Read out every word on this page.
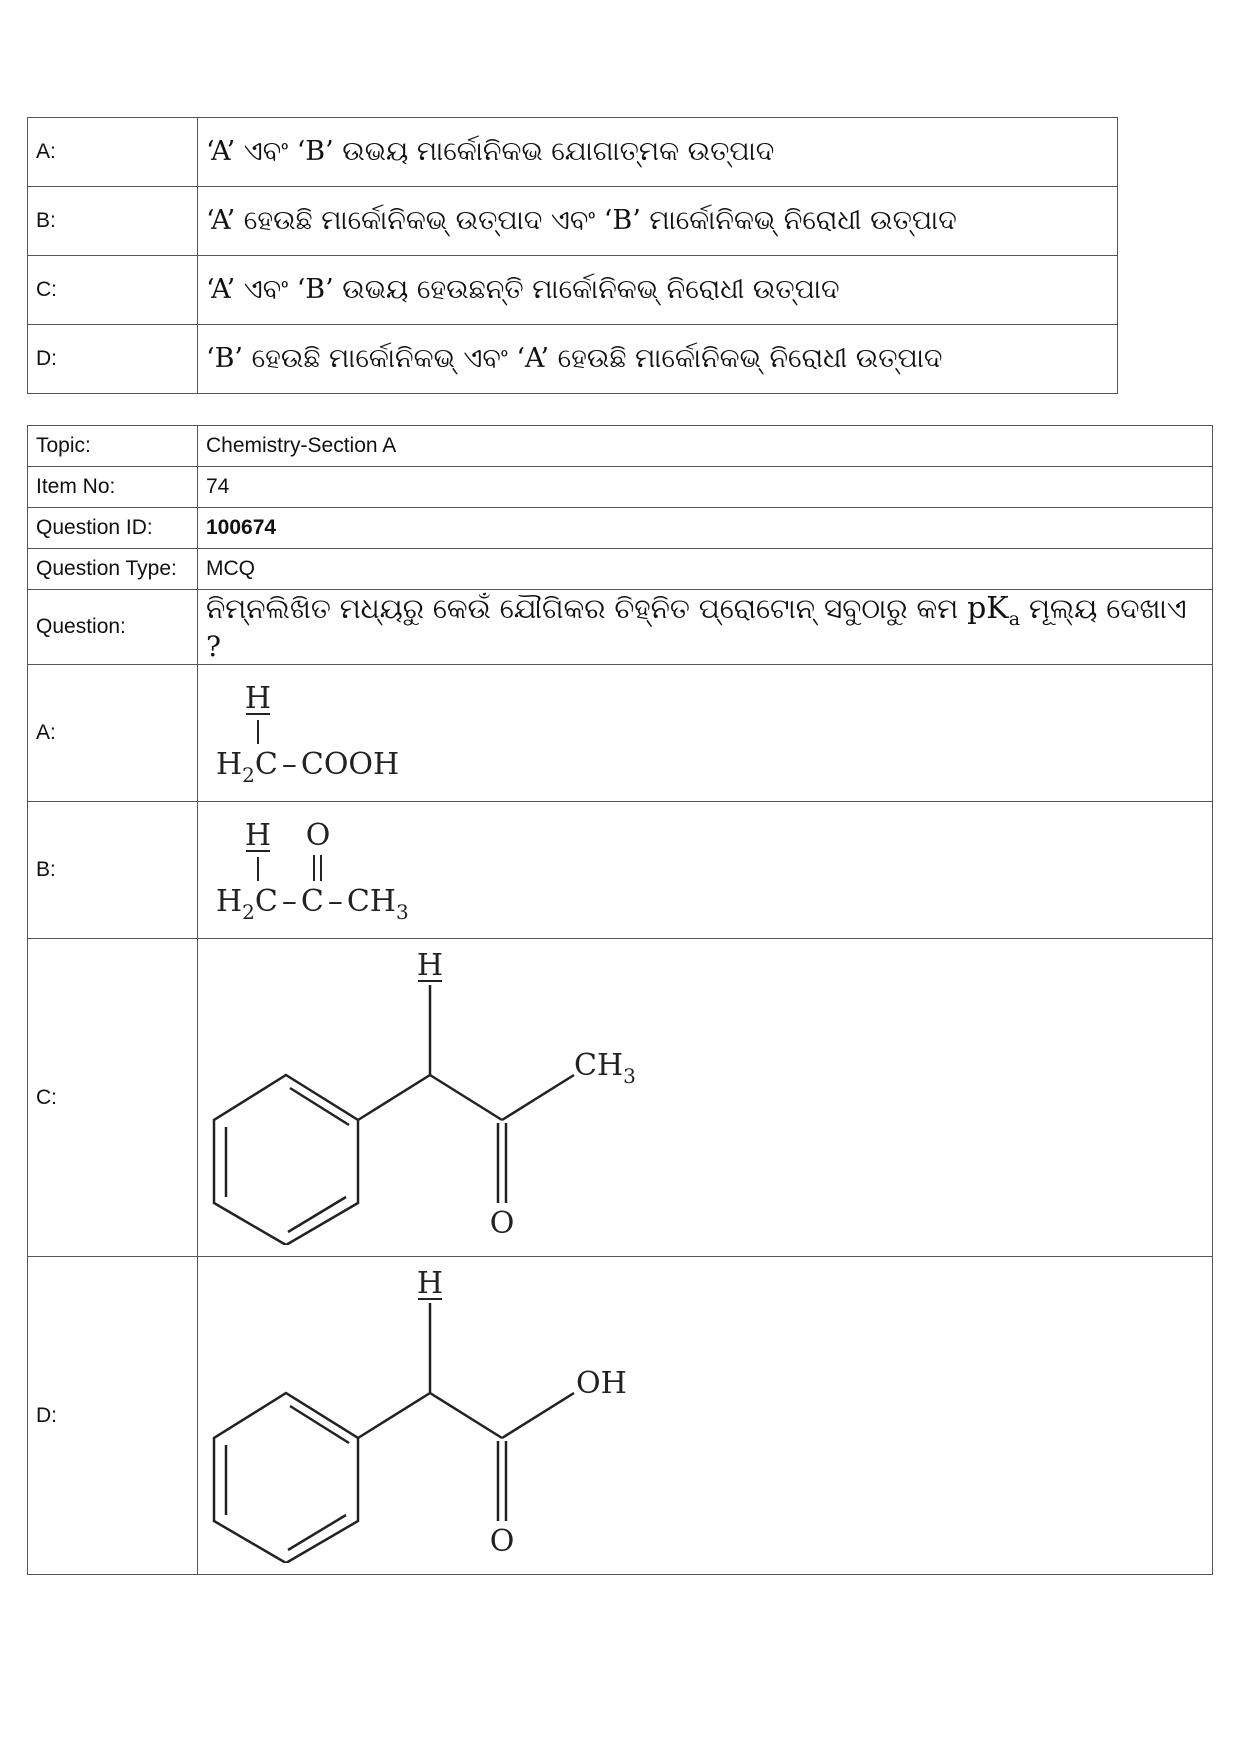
A:	‘A’ ଏବଂ ‘B’ ଉଭୟ ମାର୍କୋନିକଭ ଯୋଗାତ୍ମକ ଉତ୍ପାଦ
B:	‘A’ ହେଉଛି ମାର୍କୋନିକଭ୍ ଉତ୍ପାଦ ଏବଂ ‘B’ ମାର୍କୋନିକଭ୍ ନିରୋଧୀ ଉତ୍ପାଦ
C:	‘A’ ଏବଂ ‘B’ ଉଭୟ ହେଉଛନ୍ତି ମାର୍କୋନିକଭ୍ ନିରୋଧୀ ଉତ୍ପାଦ
D:	‘B’ ହେଉଛି ମାର୍କୋନିକଭ୍ ଏବଂ ‘A’ ହେଉଛି ମାର୍କୋନିକଭ୍ ନିରୋଧୀ ଉତ୍ପାଦ
Topic:	Chemistry-Section A
Item No:	74
Question ID:	100674
Question Type:	MCQ
Question:	ନିମ୍ନଲିଖିତ ମଧ୍ୟରୁ କେଉଁ ଯୌଗିକର ଚିହ୍ନିତ ପ୍ରୋଟୋନ୍ ସବୁଠାରୁ କମ $pK_a$ ମୂଲ୍ୟ ଦେଖାଏ ?
A:	H
$H_2C$ – COOH

B:	H O
$H_2C$ – C – $CH_3$

C:	H
$CH_3$
O

D:	H
OH
O
